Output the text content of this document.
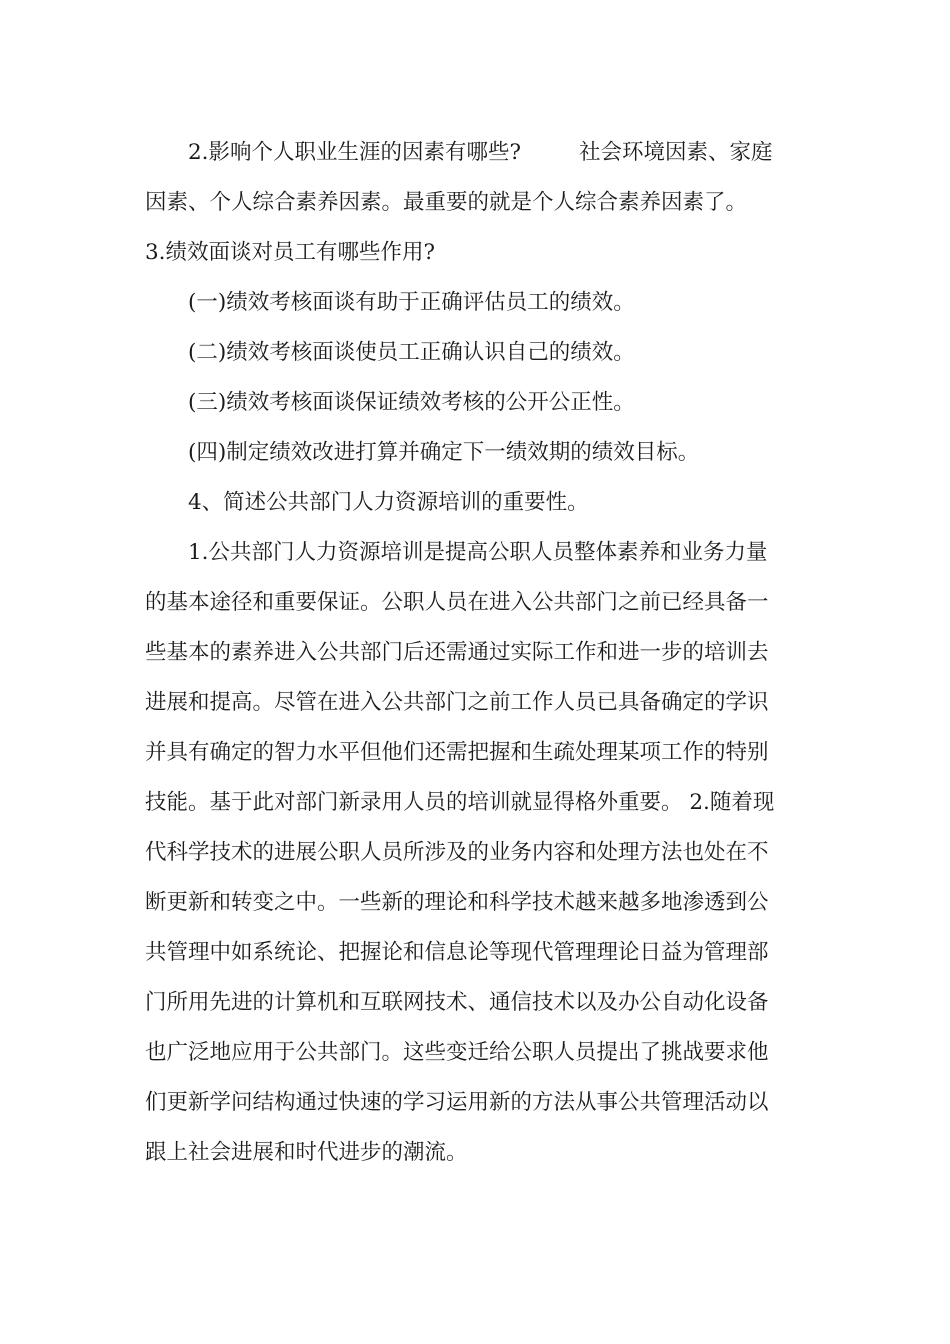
2.影响个人职业生涯的因素有哪些?	社会环境因素、家庭

因素、个人综合素养因素。最重要的就是个人综合素养因素了。

3.绩效面谈对员工有哪些作用?

(一)绩效考核面谈有助于正确评估员工的绩效。

(二)绩效考核面谈使员工正确认识自己的绩效。

(三)绩效考核面谈保证绩效考核的公开公正性。

(四)制定绩效改进打算并确定下一绩效期的绩效目标。

4、简述公共部门人力资源培训的重要性。

1.公共部门人力资源培训是提高公职人员整体素养和业务力量

的基本途径和重要保证。公职人员在进入公共部门之前已经具备一

些基本的素养进入公共部门后还需通过实际工作和进一步的培训去

进展和提高。尽管在进入公共部门之前工作人员已具备确定的学识

并具有确定的智力水平但他们还需把握和生疏处理某项工作的特别

技能。基于此对部门新录用人员的培训就显得格外重要。 2.随着现

代科学技术的进展公职人员所涉及的业务内容和处理方法也处在不

断更新和转变之中。一些新的理论和科学技术越来越多地渗透到公

共管理中如系统论、把握论和信息论等现代管理理论日益为管理部

门所用先进的计算机和互联网技术、通信技术以及办公自动化设备

也广泛地应用于公共部门。这些变迁给公职人员提出了挑战要求他

们更新学问结构通过快速的学习运用新的方法从事公共管理活动以

跟上社会进展和时代进步的潮流。
